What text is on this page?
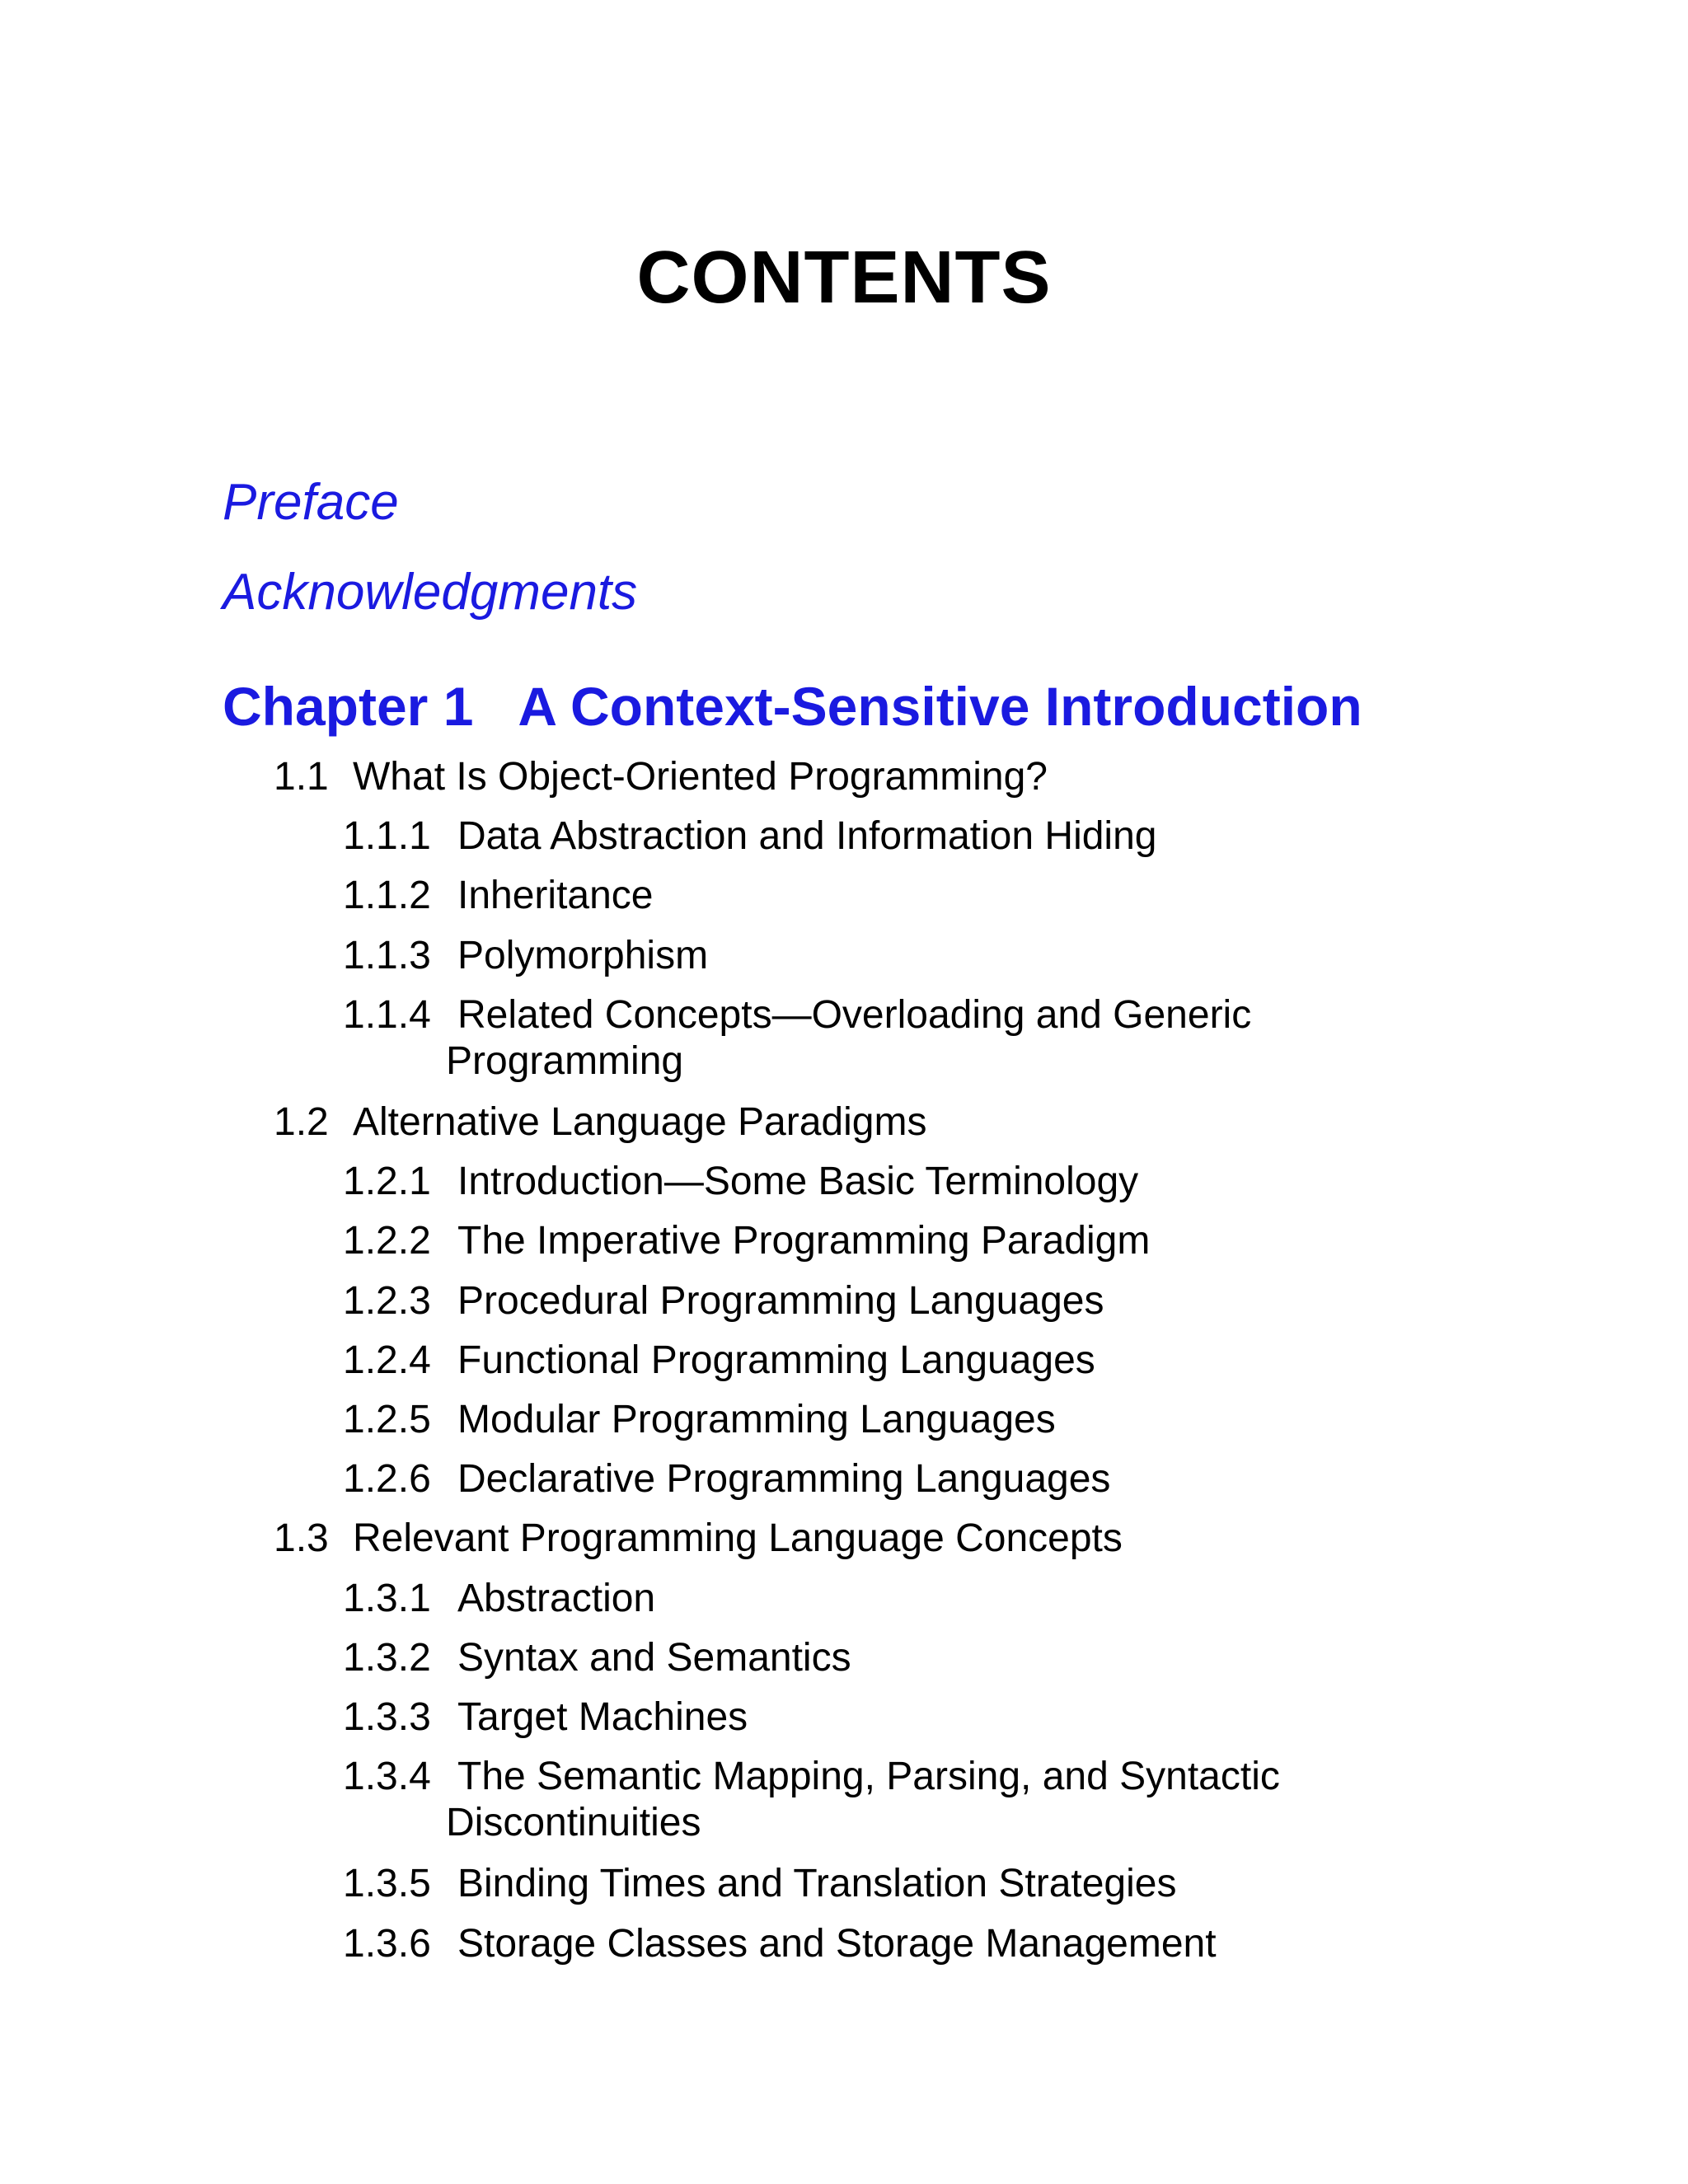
CONTENTS
Preface
Acknowledgments
Chapter 1 A Context-Sensitive Introduction
1.1 What Is Object-Oriented Programming?
1.1.1 Data Abstraction and Information Hiding
1.1.2 Inheritance
1.1.3 Polymorphism
1.1.4 Related Concepts—Overloading and Generic
Programming
1.2 Alternative Language Paradigms
1.2.1 Introduction—Some Basic Terminology
1.2.2 The Imperative Programming Paradigm
1.2.3 Procedural Programming Languages
1.2.4 Functional Programming Languages
1.2.5 Modular Programming Languages
1.2.6 Declarative Programming Languages
1.3 Relevant Programming Language Concepts
1.3.1 Abstraction
1.3.2 Syntax and Semantics
1.3.3 Target Machines
1.3.4 The Semantic Mapping, Parsing, and Syntactic
Discontinuities
1.3.5 Binding Times and Translation Strategies
1.3.6 Storage Classes and Storage Management
